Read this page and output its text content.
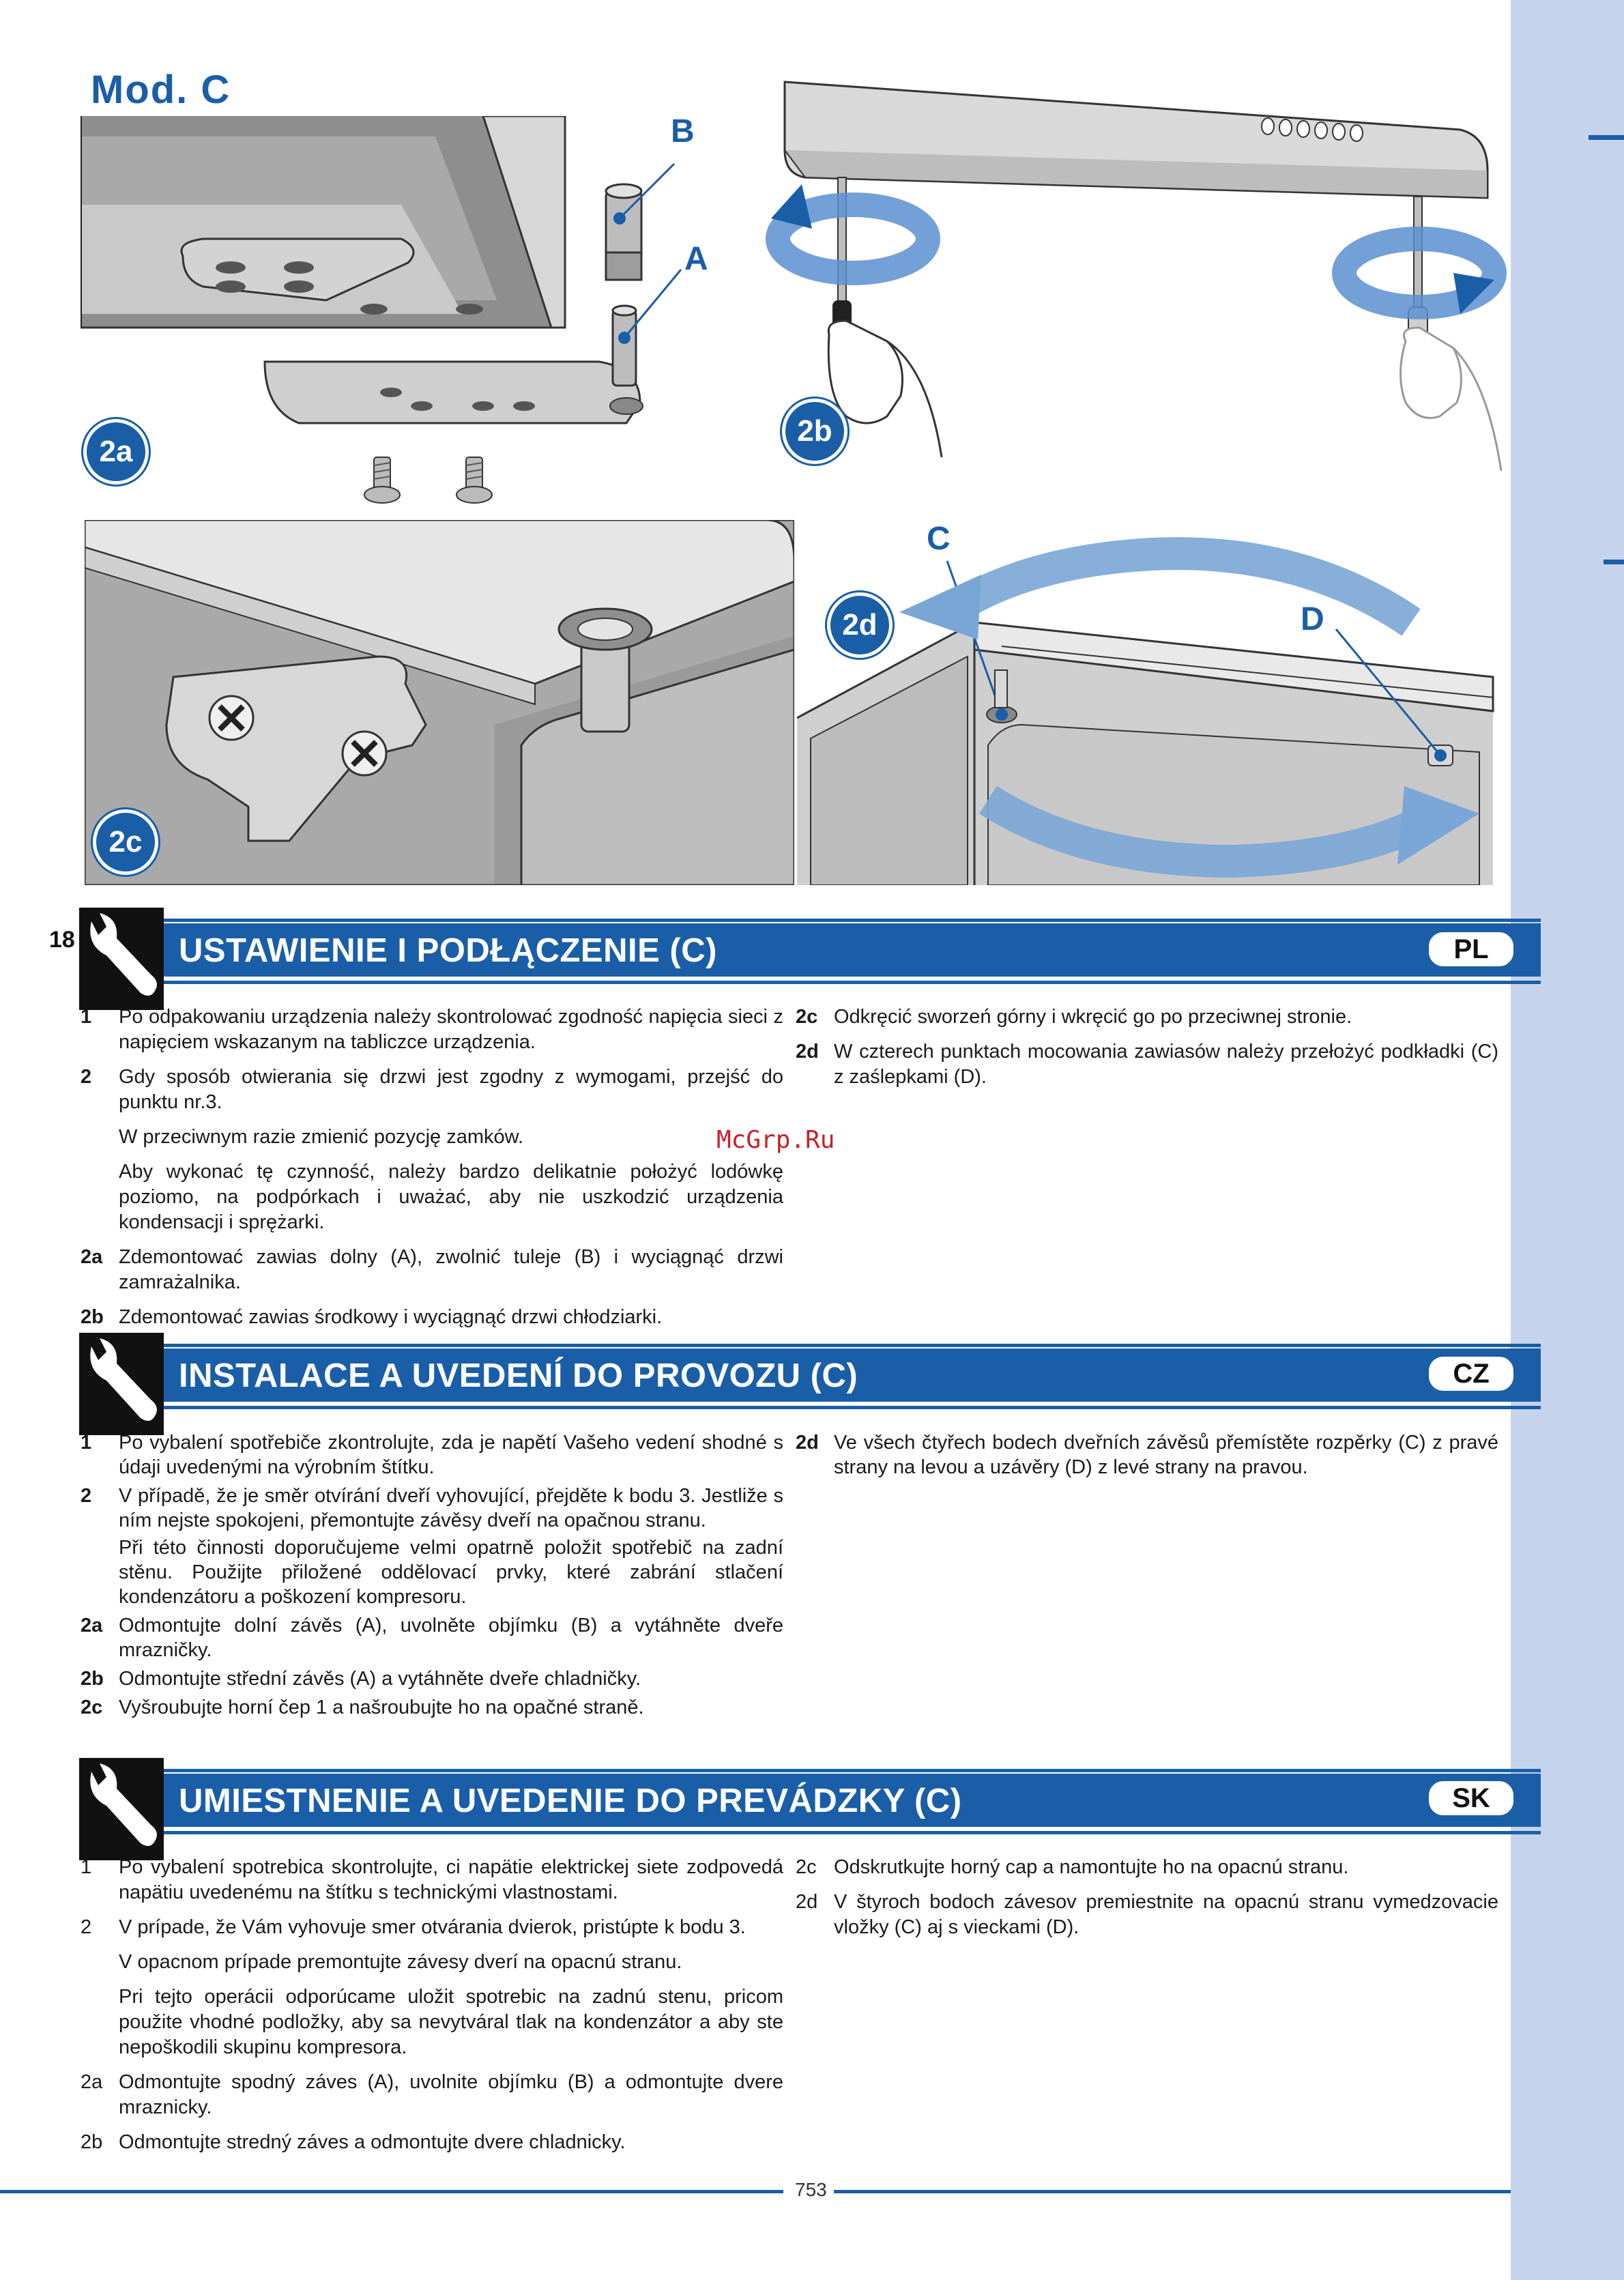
Mod. C
B
A
2a
2b
2c
C
D
2d
18	USTAWIENIE I PODŁĄCZENIE (C)	PL
1 Po odpakowaniu urządzenia należy skontrolować zgodność napięcia sieci z napięciem wskazanym na tabliczce urządzenia.
2 Gdy sposób otwierania się drzwi jest zgodny z wymogami, przejść do punktu nr.3.
W przeciwnym razie zmienić pozycję zamków.
Aby wykonać tę czynność, należy bardzo delikatnie położyć lodówkę poziomo, na podpórkach i uważać, aby nie uszkodzić urządzenia kondensacji i sprężarki.
2a Zdemontować zawias dolny (A), zwolnić tuleje (B) i wyciągnąć drzwi zamrażalnika.
2b Zdemontować zawias środkowy i wyciągnąć drzwi chłodziarki.
2c Odkręcić sworzeń górny i wkręcić go po przeciwnej stronie.
2d W czterech punktach mocowania zawiasów należy przełożyć podkładki (C) z zaślepkami (D).
McGrp.Ru
INSTALACE A UVEDENÍ DO PROVOZU (C)	CZ
1 Po vybalení spotřebiče zkontrolujte, zda je napětí Vašeho vedení shodné s údaji uvedenými na výrobním štítku.
2 V případě, že je směr otvírání dveří vyhovující, přejděte k bodu 3. Jestliže s ním nejste spokojeni, přemontujte závěsy dveří na opačnou stranu.
Při této činnosti doporučujeme velmi opatrně položit spotřebič na zadní stěnu. Použijte přiložené oddělovací prvky, které zabrání stlačení kondenzátoru a poškození kompresoru.
2a Odmontujte dolní závěs (A), uvolněte objímku (B) a vytáhněte dveře mrazničky.
2b Odmontujte střední závěs (A) a vytáhněte dveře chladničky.
2c Vyšroubujte horní čep 1 a našroubujte ho na opačné straně.
2d Ve všech čtyřech bodech dveřních závěsů přemístěte rozpěrky (C) z pravé strany na levou a uzávěry (D) z levé strany na pravou.
UMIESTNENIE A UVEDENIE DO PREVÁDZKY (C)	SK
1 Po vybalení spotrebica skontrolujte, ci napätie elektrickej siete zodpovedá napätiu uvedenému na štítku s technickými vlastnostami.
2 V prípade, že Vám vyhovuje smer otvárania dvierok, pristúpte k bodu 3.
V opacnom prípade premontujte závesy dverí na opacnú stranu.
Pri tejto operácii odporúcame uložit spotrebic na zadnú stenu, pricom použite vhodné podložky, aby sa nevytváral tlak na kondenzátor a aby ste nepoškodili skupinu kompresora.
2a Odmontujte spodný záves (A), uvolnite objímku (B) a odmontujte dvere mraznicky.
2b Odmontujte stredný záves a odmontujte dvere chladnicky.
2c Odskrutkujte horný cap a namontujte ho na opacnú stranu.
2d V štyroch bodoch závesov premiestnite na opacnú stranu vymedzovacie vložky (C) aj s vieckami (D).
753
